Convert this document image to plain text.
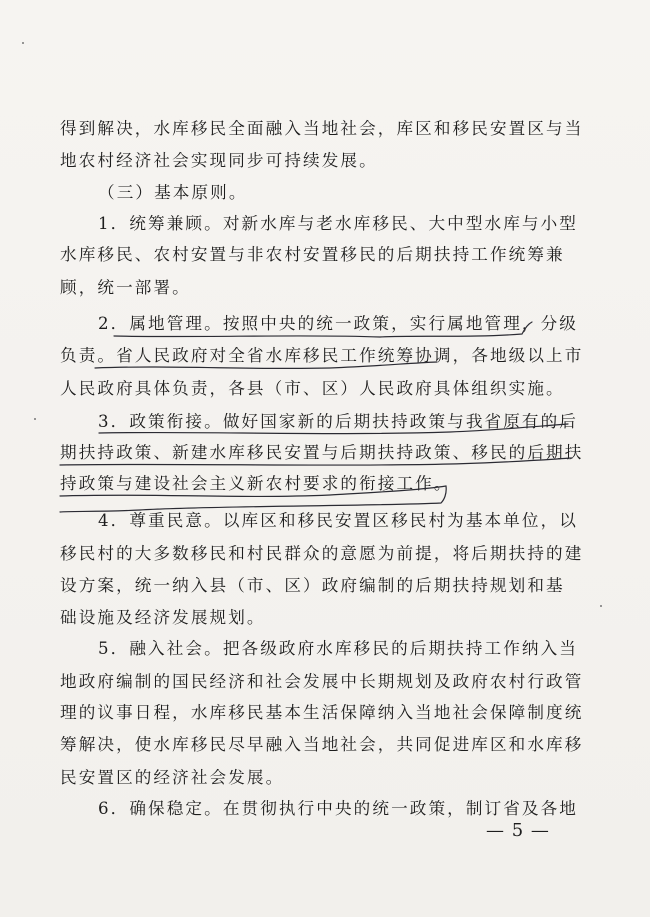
得到解决，水库移民全面融入当地社会，库区和移民安置区与当
地农村经济社会实现同步可持续发展。
（三）基本原则。
1．统筹兼顾。对新水库与老水库移民、大中型水库与小型
水库移民、农村安置与非农村安置移民的后期扶持工作统筹兼
顾，统一部署。
2．属地管理。按照中央的统一政策，实行属地管理，分级
负责。省人民政府对全省水库移民工作统筹协调，各地级以上市
人民政府具体负责，各县（市、区）人民政府具体组织实施。
3．政策衔接。做好国家新的后期扶持政策与我省原有的后
期扶持政策、新建水库移民安置与后期扶持政策、移民的后期扶
持政策与建设社会主义新农村要求的衔接工作。
4．尊重民意。以库区和移民安置区移民村为基本单位，以
移民村的大多数移民和村民群众的意愿为前提，将后期扶持的建
设方案，统一纳入县（市、区）政府编制的后期扶持规划和基
础设施及经济发展规划。
5．融入社会。把各级政府水库移民的后期扶持工作纳入当
地政府编制的国民经济和社会发展中长期规划及政府农村行政管
理的议事日程，水库移民基本生活保障纳入当地社会保障制度统
筹解决，使水库移民尽早融入当地社会，共同促进库区和水库移
民安置区的经济社会发展。
6．确保稳定。在贯彻执行中央的统一政策，制订省及各地
— 5 —
